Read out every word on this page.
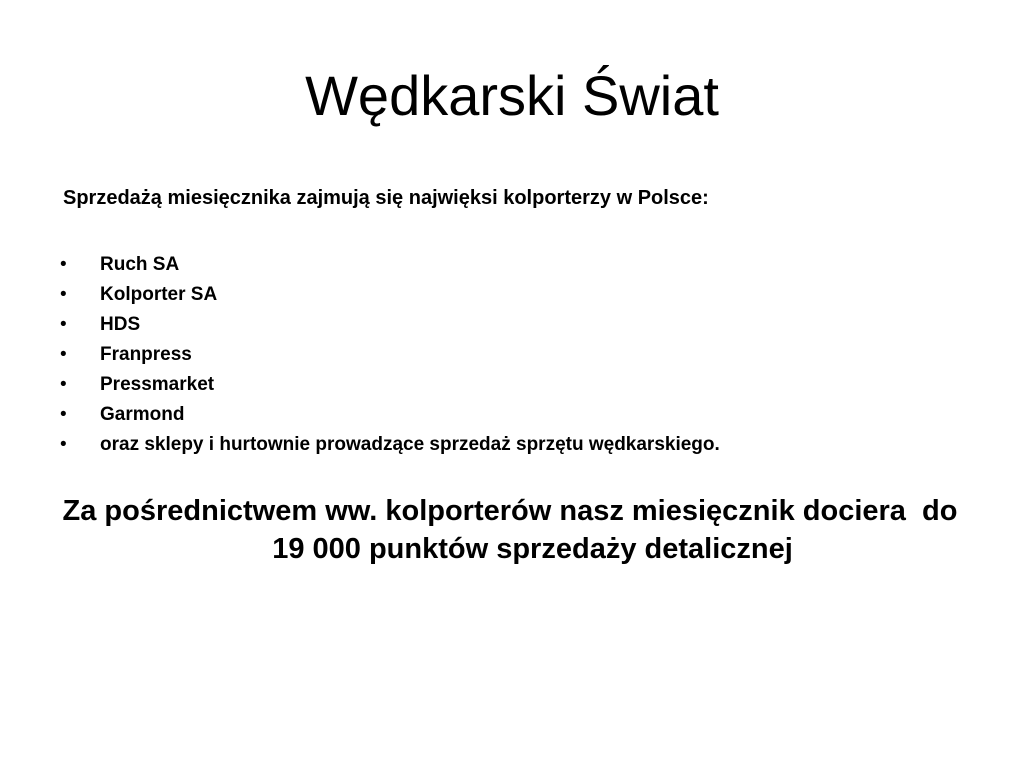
Wędkarski Świat

Sprzedażą miesięcznika zajmują się najwięksi kolporterzy w Polsce:

• Ruch SA
• Kolporter SA
• HDS
• Franpress
• Pressmarket
• Garmond
• oraz sklepy i hurtownie prowadzące sprzedaż sprzętu wędkarskiego.

Za pośrednictwem ww. kolporterów nasz miesięcznik dociera  do  19 000 punktów sprzedaży detalicznej
